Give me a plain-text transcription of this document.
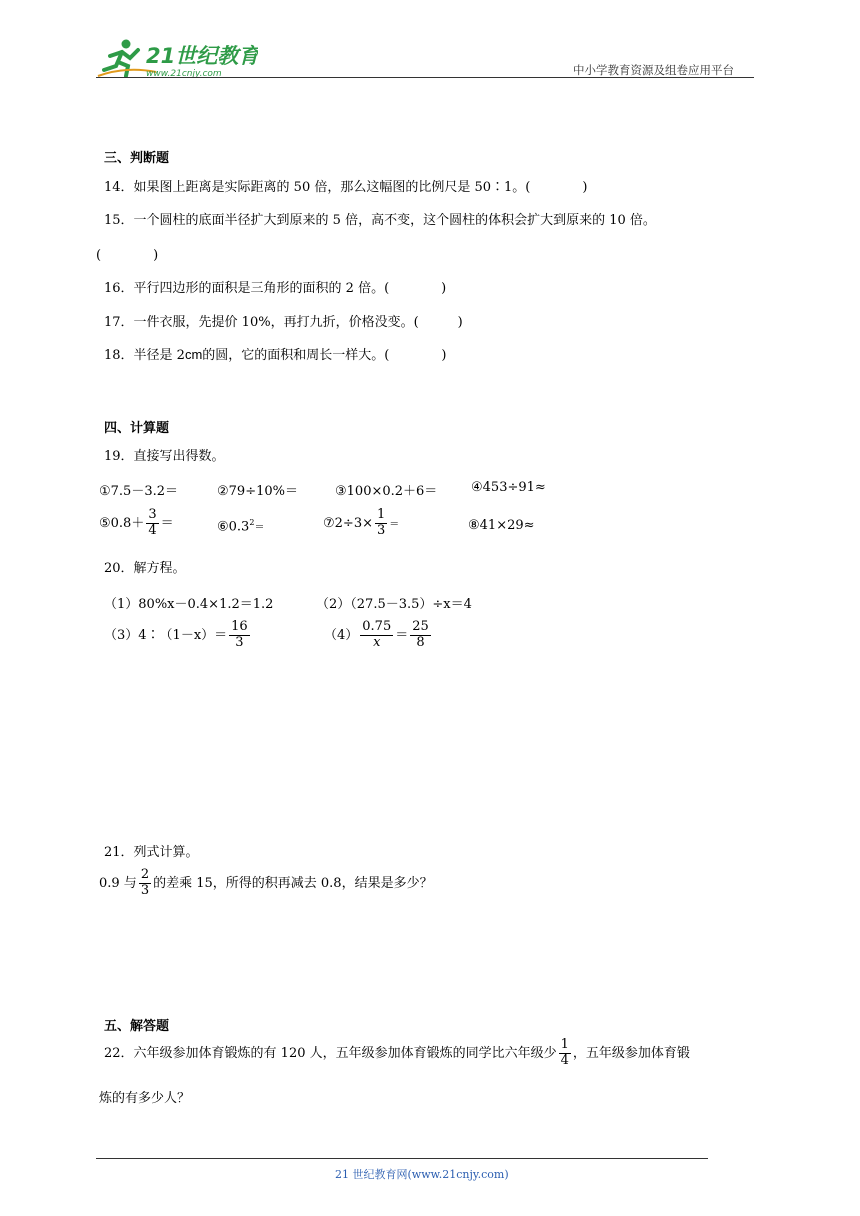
21世纪教育
www.21cnjy.com	中小学教育资源及组卷应用平台
三、判断题
14．如果图上距离是实际距离的 50 倍，那么这幅图的比例尺是 50∶1。(　　　　)
15．一个圆柱的底面半径扩大到原来的 5 倍，高不变，这个圆柱的体积会扩大到原来的 10 倍。
(　　　　)
16．平行四边形的面积是三角形的面积的 2 倍。(　　　　)
17．一件衣服，先提价 10%，再打九折，价格没变。(　　　)
18．半径是 2cm的圆，它的面积和周长一样大。(　　　　)
四、计算题
19．直接写出得数。
①7.5－3.2＝	②79÷10%＝	③100×0.2＋6＝	④453÷91≈
⑤0.8＋ $\frac{3}{4}$ ＝	$⑥0.3^2=$	⑦2÷3× $\frac{1}{3}$ ＝	⑧41×29≈
20．解方程。
（1）80%x－0.4×1.2＝1.2	（2）（27.5－3.5）÷x＝4
（3）4∶（1－x）＝ $\frac{16}{3}$	$(4) \frac{0.75}{x} = \frac{25}{8}$
21．列式计算。
0.9 与 $\frac{2}{3}$ 的差乘 15，所得的积再减去 0.8，结果是多少？
五、解答题
22．六年级参加体育锻炼的有 120 人，五年级参加体育锻炼的同学比六年级少 $\frac{1}{4}$ ，五年级参加体育锻
炼的有多少人？
21 世纪教育网(www.21cnjy.com)
